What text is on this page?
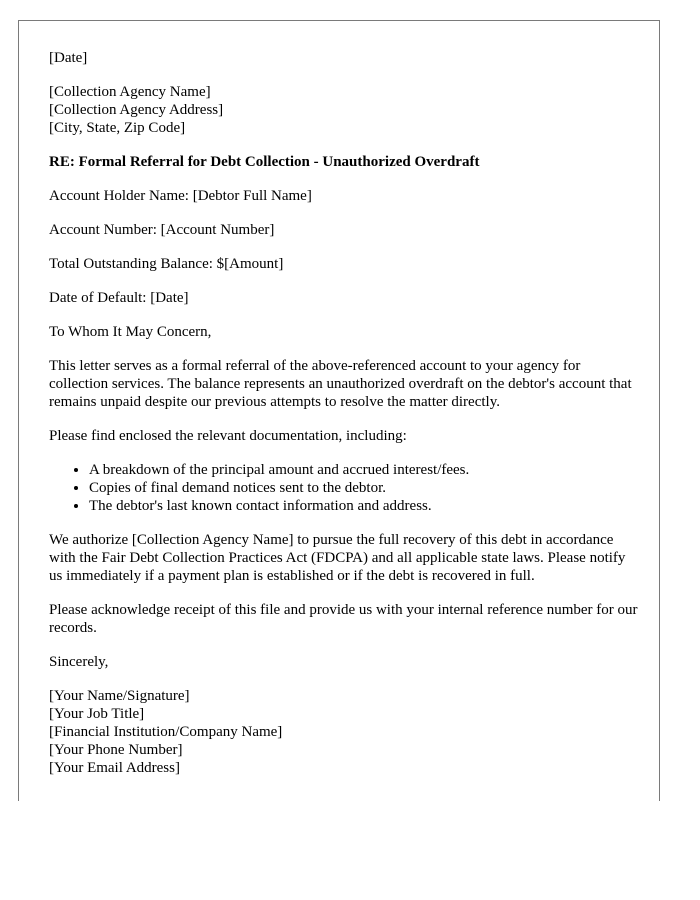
[Date]

[Collection Agency Name]
[Collection Agency Address]
[City, State, Zip Code]

RE: Formal Referral for Debt Collection - Unauthorized Overdraft

Account Holder Name: [Debtor Full Name]

Account Number: [Account Number]

Total Outstanding Balance: $[Amount]

Date of Default: [Date]

To Whom It May Concern,

This letter serves as a formal referral of the above-referenced account to your agency for collection services. The balance represents an unauthorized overdraft on the debtor's account that remains unpaid despite our previous attempts to resolve the matter directly.

Please find enclosed the relevant documentation, including:

• A breakdown of the principal amount and accrued interest/fees.
• Copies of final demand notices sent to the debtor.
• The debtor's last known contact information and address.

We authorize [Collection Agency Name] to pursue the full recovery of this debt in accordance with the Fair Debt Collection Practices Act (FDCPA) and all applicable state laws. Please notify us immediately if a payment plan is established or if the debt is recovered in full.

Please acknowledge receipt of this file and provide us with your internal reference number for our records.

Sincerely,

[Your Name/Signature]
[Your Job Title]
[Financial Institution/Company Name]
[Your Phone Number]
[Your Email Address]
